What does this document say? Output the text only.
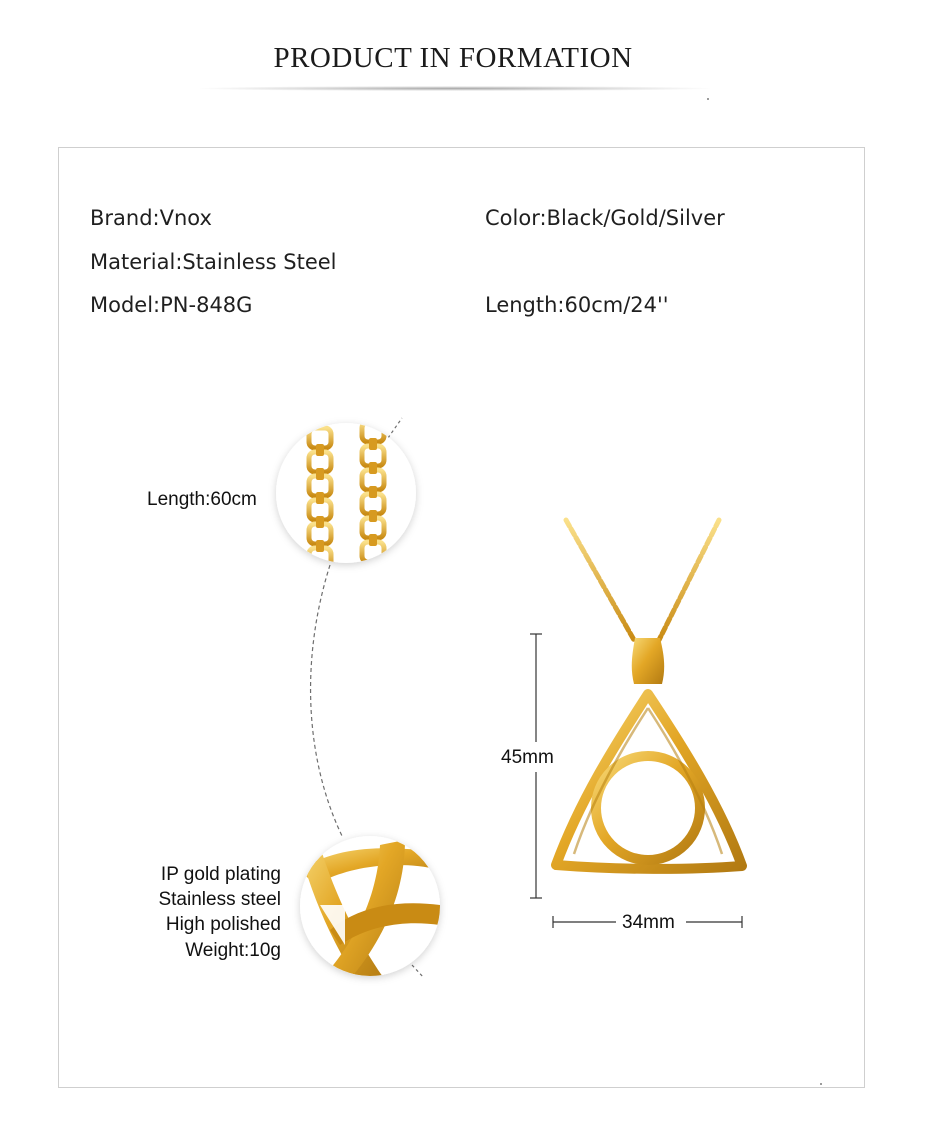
PRODUCT IN FORMATION
Brand:Vnox	Color:Black/Gold/Silver
Material:Stainless Steel
Model:PN-848G	Length:60cm/24''
Length:60cm
IP gold plating
Stainless steel
High polished
Weight:10g
45mm
34mm
